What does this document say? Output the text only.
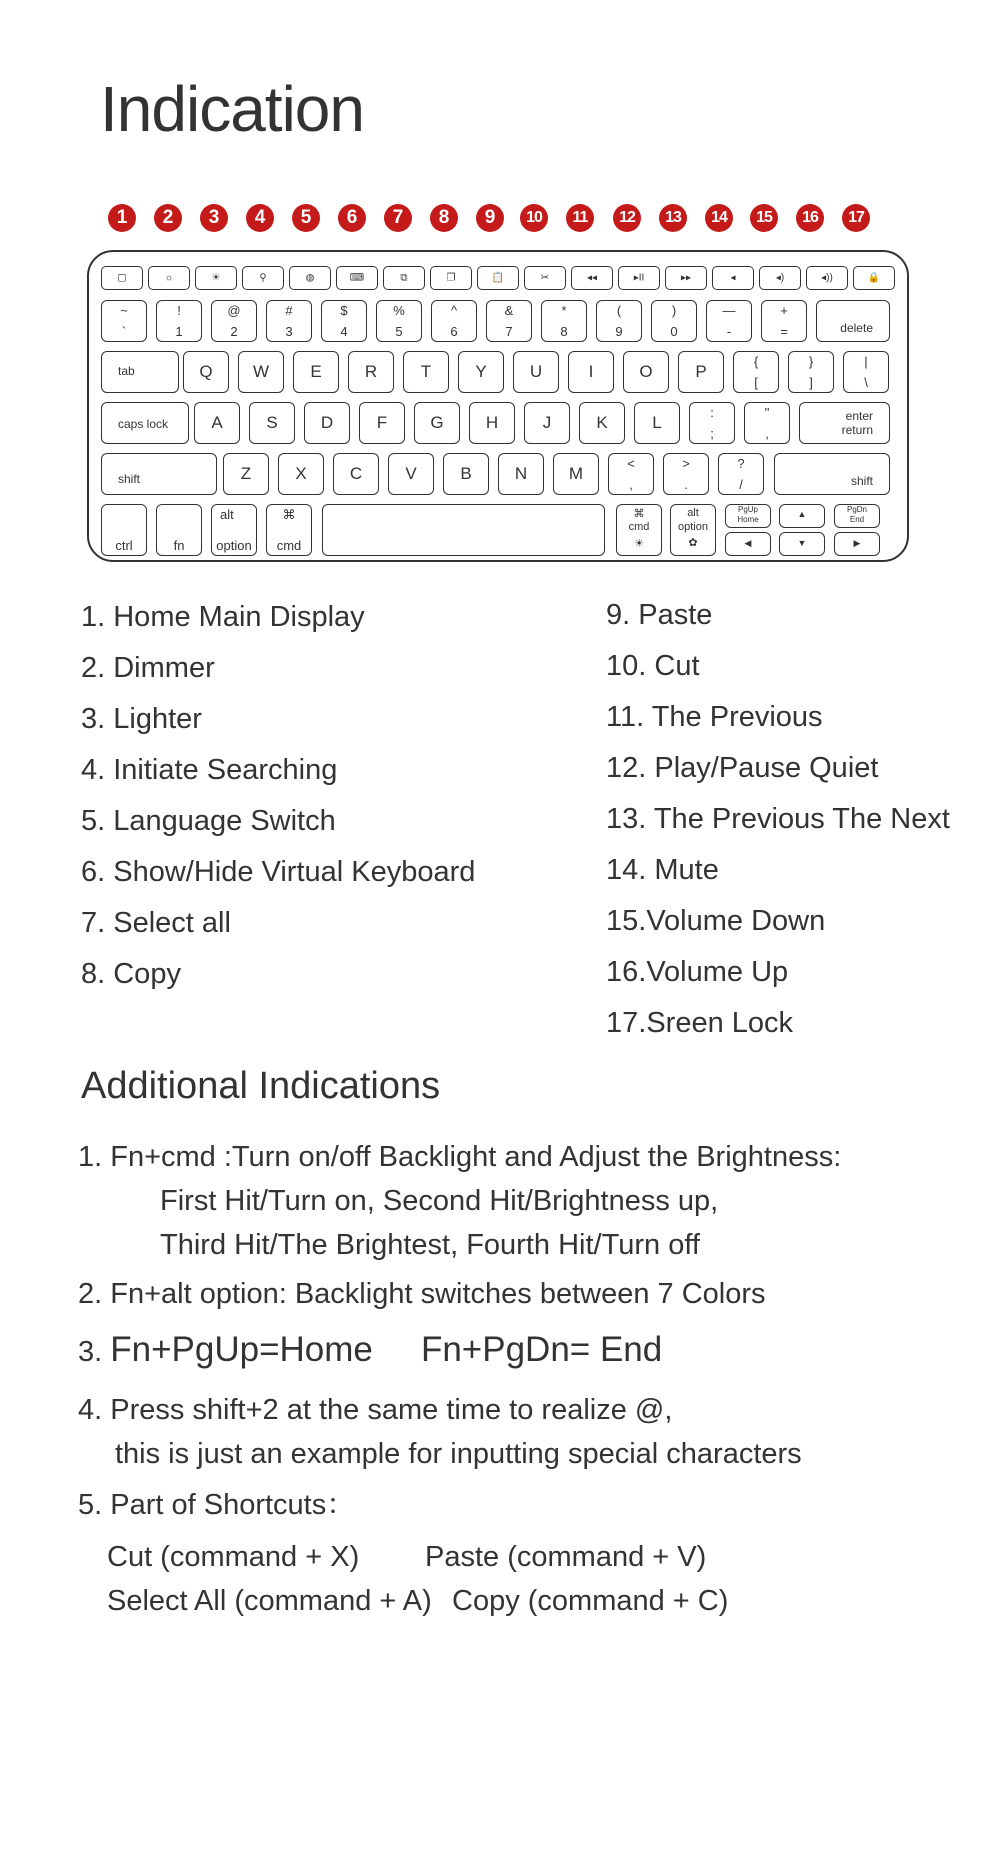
Indication
1	2	3	4	5	6	7	8	9	10	11	12	13	14	15	16	17
▢	☼	☀	⚲	◍	⌨	⧉	❐	📋	✂	◂◂	▸II	▸▸	◂	◂)	◂))	🔒
~
`
!
1
@
2
#
3
$
4
%
5
^
6
&
7
*
8
(
9
)
0
—
-
+
=	delete
tab	Q	W	E	R	T	Y	U	I	O	P
{
[
}
]
|
\
caps lock	A	S	D	F	G	H	J	K	L
:
;
"
,
enter
return
shift	Z	X	C	V	B	N	M
<
,
>
.
?
/	shift
ctrl	fn
alt
option
⌘
cmd
⌘
cmd
☀
alt
option
✿
PgUp
Home
▲	PgDn
End
◀	▼	▶
1. Home Main Display
2. Dimmer
3. Lighter
4. Initiate Searching
5. Language Switch
6. Show/Hide Virtual Keyboard
7. Select all
8. Copy
9. Paste
10. Cut
11. The Previous
12. Play/Pause Quiet
13. The Previous The Next
14. Mute
15.Volume Down
16.Volume Up
17.Sreen Lock
Additional Indications
1. Fn+cmd :Turn on/off Backlight and Adjust the Brightness:
First Hit/Turn on, Second Hit/Brightness up,
Third Hit/The Brightest, Fourth Hit/Turn off
2. Fn+alt option: Backlight switches between 7 Colors
3. Fn+PgUp=Home Fn+PgDn= End
4. Press shift+2 at the same time to realize @,
this is just an example for inputting special characters
5. Part of Shortcuts：
Cut (command + X) Paste (command + V)
Select All (command + A) Copy (command + C)
